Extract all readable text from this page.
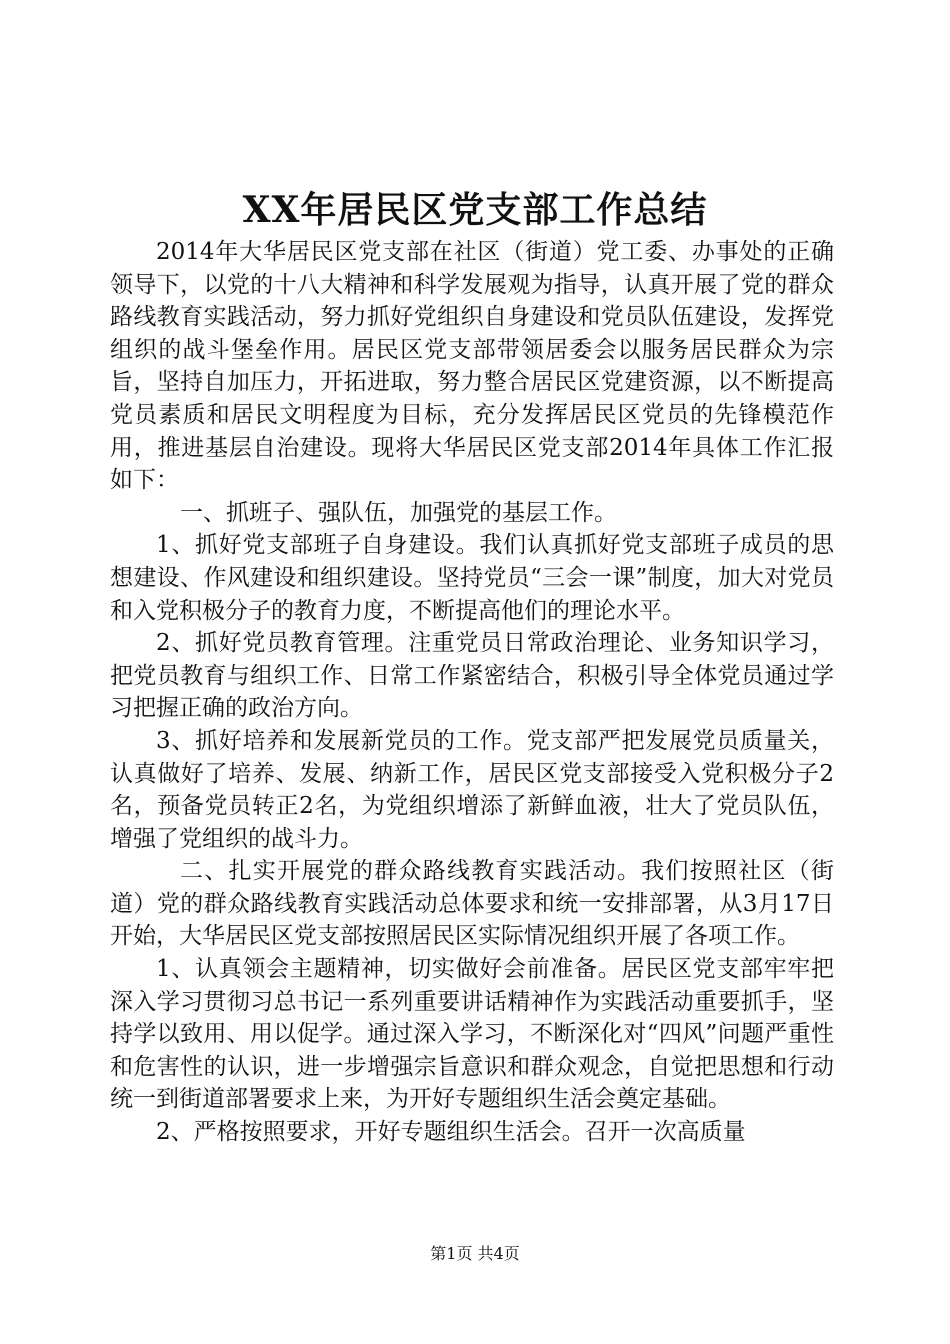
XX年居民区党支部工作总结

2014年大华居民区党支部在社区（街道）党工委、办事处的正确领导下，以党的十八大精神和科学发展观为指导，认真开展了党的群众路线教育实践活动，努力抓好党组织自身建设和党员队伍建设，发挥党组织的战斗堡垒作用。居民区党支部带领居委会以服务居民群众为宗旨，坚持自加压力，开拓进取，努力整合居民区党建资源，以不断提高党员素质和居民文明程度为目标，充分发挥居民区党员的先锋模范作用，推进基层自治建设。现将大华居民区党支部2014年具体工作汇报如下：

一、抓班子、强队伍，加强党的基层工作。

1、抓好党支部班子自身建设。我们认真抓好党支部班子成员的思想建设、作风建设和组织建设。坚持党员“三会一课”制度，加大对党员和入党积极分子的教育力度，不断提高他们的理论水平。

2、抓好党员教育管理。注重党员日常政治理论、业务知识学习，把党员教育与组织工作、日常工作紧密结合，积极引导全体党员通过学习把握正确的政治方向。

3、抓好培养和发展新党员的工作。党支部严把发展党员质量关，认真做好了培养、发展、纳新工作，居民区党支部接受入党积极分子2名，预备党员转正2名，为党组织增添了新鲜血液，壮大了党员队伍，增强了党组织的战斗力。

二、扎实开展党的群众路线教育实践活动。我们按照社区（街道）党的群众路线教育实践活动总体要求和统一安排部署，从3月17日开始，大华居民区党支部按照居民区实际情况组织开展了各项工作。

1、认真领会主题精神，切实做好会前准备。居民区党支部牢牢把深入学习贯彻习总书记一系列重要讲话精神作为实践活动重要抓手，坚持学以致用、用以促学。通过深入学习，不断深化对“四风”问题严重性和危害性的认识，进一步增强宗旨意识和群众观念，自觉把思想和行动统一到街道部署要求上来，为开好专题组织生活会奠定基础。

2、严格按照要求，开好专题组织生活会。召开一次高质量

第1页 共4页
